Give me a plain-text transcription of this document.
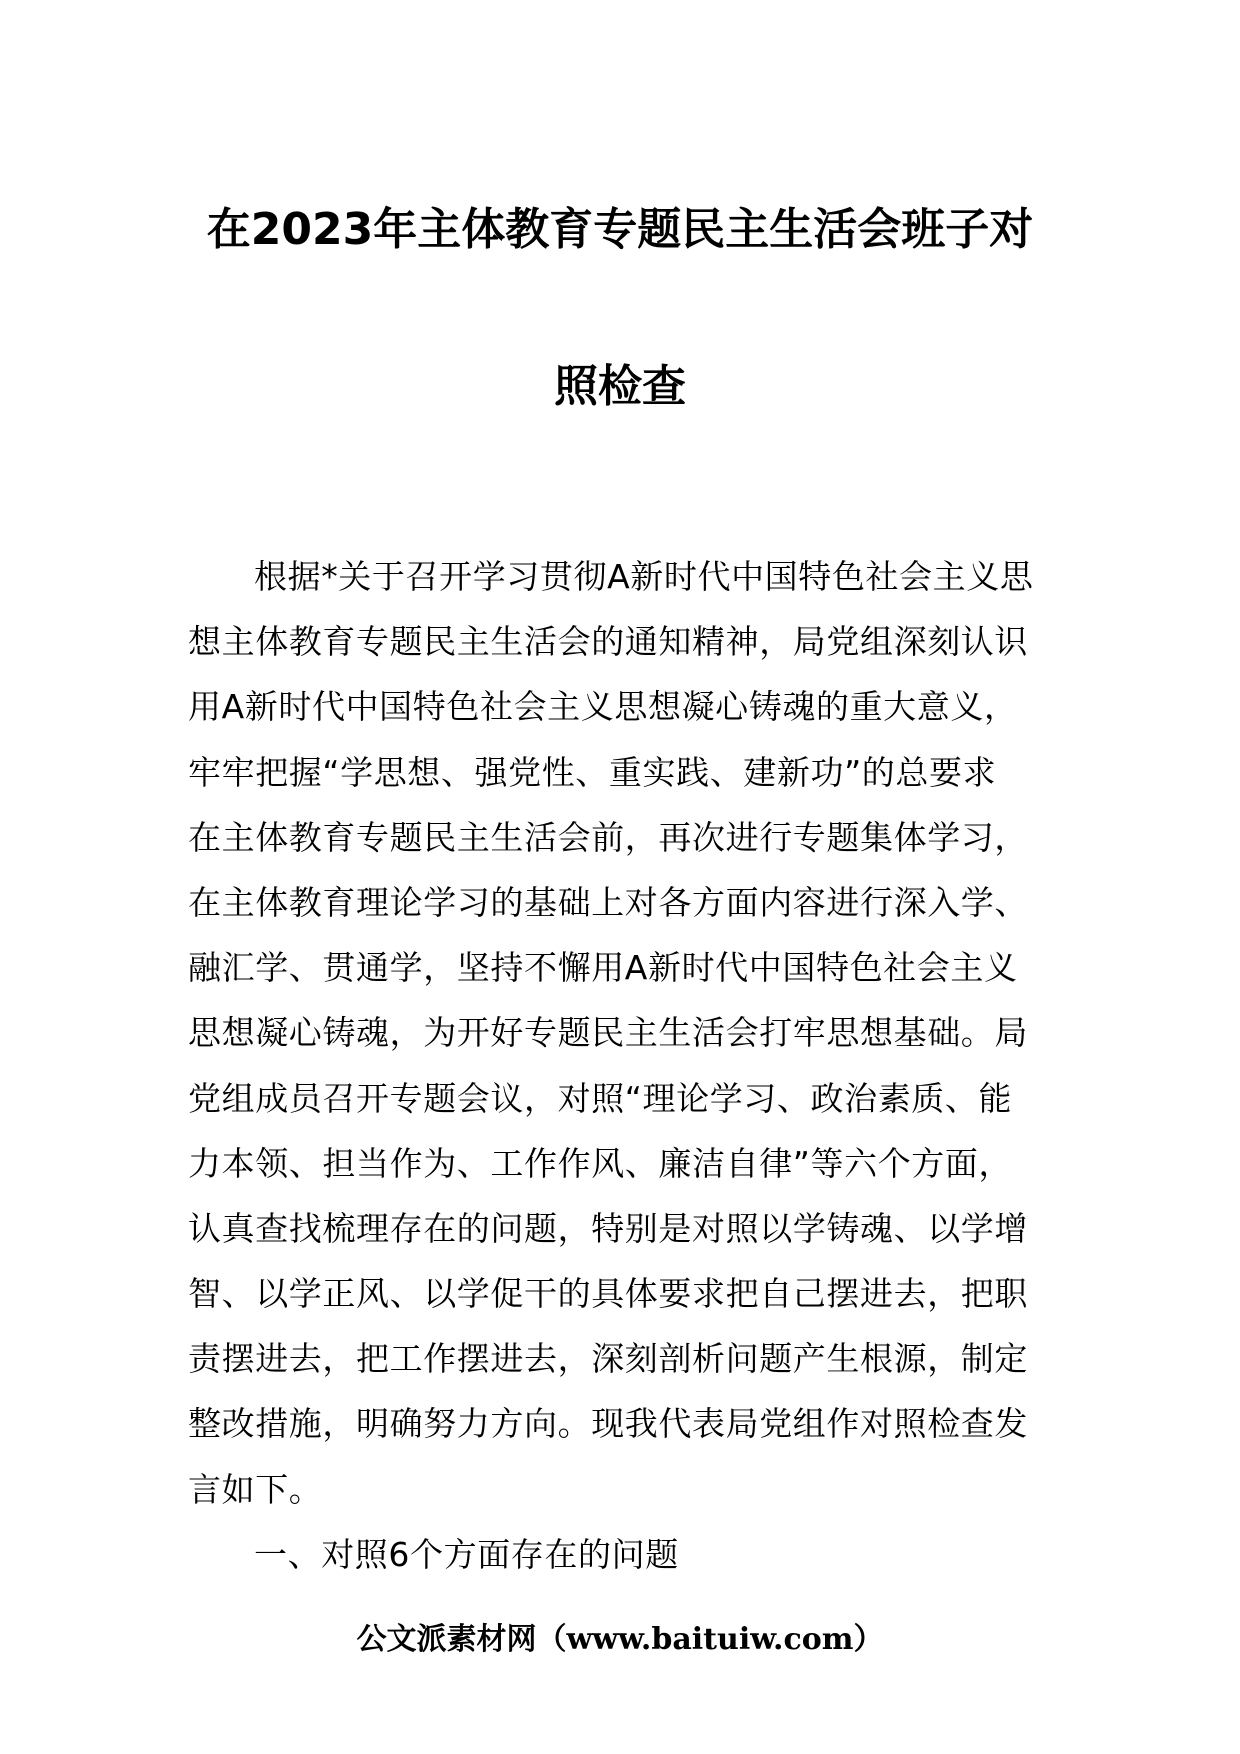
在2023年主体教育专题民主生活会班子对
照检查
根据*关于召开学习贯彻A新时代中国特色社会主义思
想主体教育专题民主生活会的通知精神，局党组深刻认识
用A新时代中国特色社会主义思想凝心铸魂的重大意义，
牢牢把握“学思想、强党性、重实践、建新功”的总要求
在主体教育专题民主生活会前，再次进行专题集体学习，
在主体教育理论学习的基础上对各方面内容进行深入学、
融汇学、贯通学，坚持不懈用A新时代中国特色社会主义
思想凝心铸魂，为开好专题民主生活会打牢思想基础。局
党组成员召开专题会议，对照“理论学习、政治素质、能
力本领、担当作为、工作作风、廉洁自律”等六个方面，
认真查找梳理存在的问题，特别是对照以学铸魂、以学增
智、以学正风、以学促干的具体要求把自己摆进去，把职
责摆进去，把工作摆进去，深刻剖析问题产生根源，制定
整改措施，明确努力方向。现我代表局党组作对照检查发
言如下。
一、对照6个方面存在的问题
公文派素材网（www.baituiw.com）
